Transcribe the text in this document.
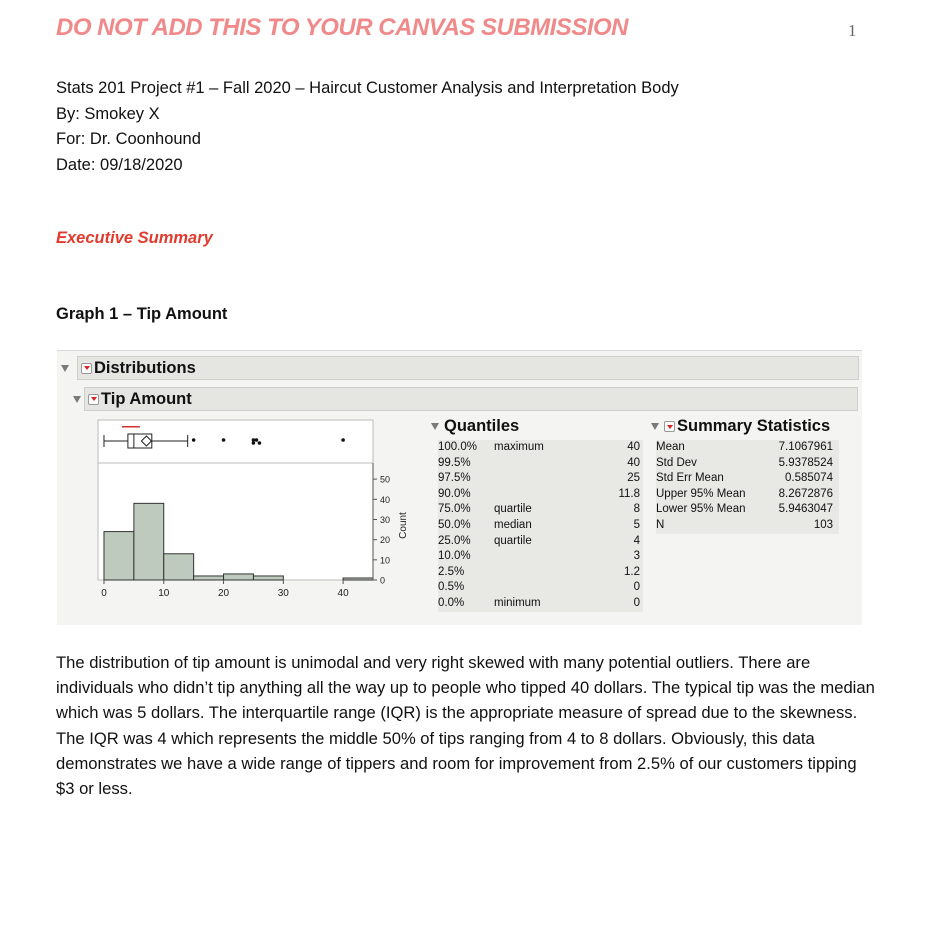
DO NOT ADD THIS TO YOUR CANVAS SUBMISSION	1
Stats 201 Project #1 – Fall 2020 – Haircut Customer Analysis and Interpretation Body
By: Smokey X
For: Dr. Coonhound
Date: 09/18/2020
Executive Summary
Graph 1 – Tip Amount
Distributions
Tip Amount
0	10	20	30	40
0
10
20
30
40
50
Count
Quantiles
100.0%	maximum	40
99.5%	40
97.5%	25
90.0%	11.8
75.0%	quartile	8
50.0%	median	5
25.0%	quartile	4
10.0%	3
2.5%	1.2
0.5%	0
0.0%	minimum	0
Summary Statistics
Mean	7.1067961
Std Dev	5.9378524
Std Err Mean	0.585074
Upper 95% Mean	8.2672876
Lower 95% Mean	5.9463047
N	103

The distribution of tip amount is unimodal and very right skewed with many potential outliers. There are individuals who didn’t tip anything all the way up to people who tipped 40 dollars. The typical tip was the median which was 5 dollars. The interquartile range (IQR) is the appropriate measure of spread due to the skewness. The IQR was 4 which represents the middle 50% of tips ranging from 4 to 8 dollars. Obviously, this data demonstrates we have a wide range of tippers and room for improvement from 2.5% of our customers tipping $3 or less.
